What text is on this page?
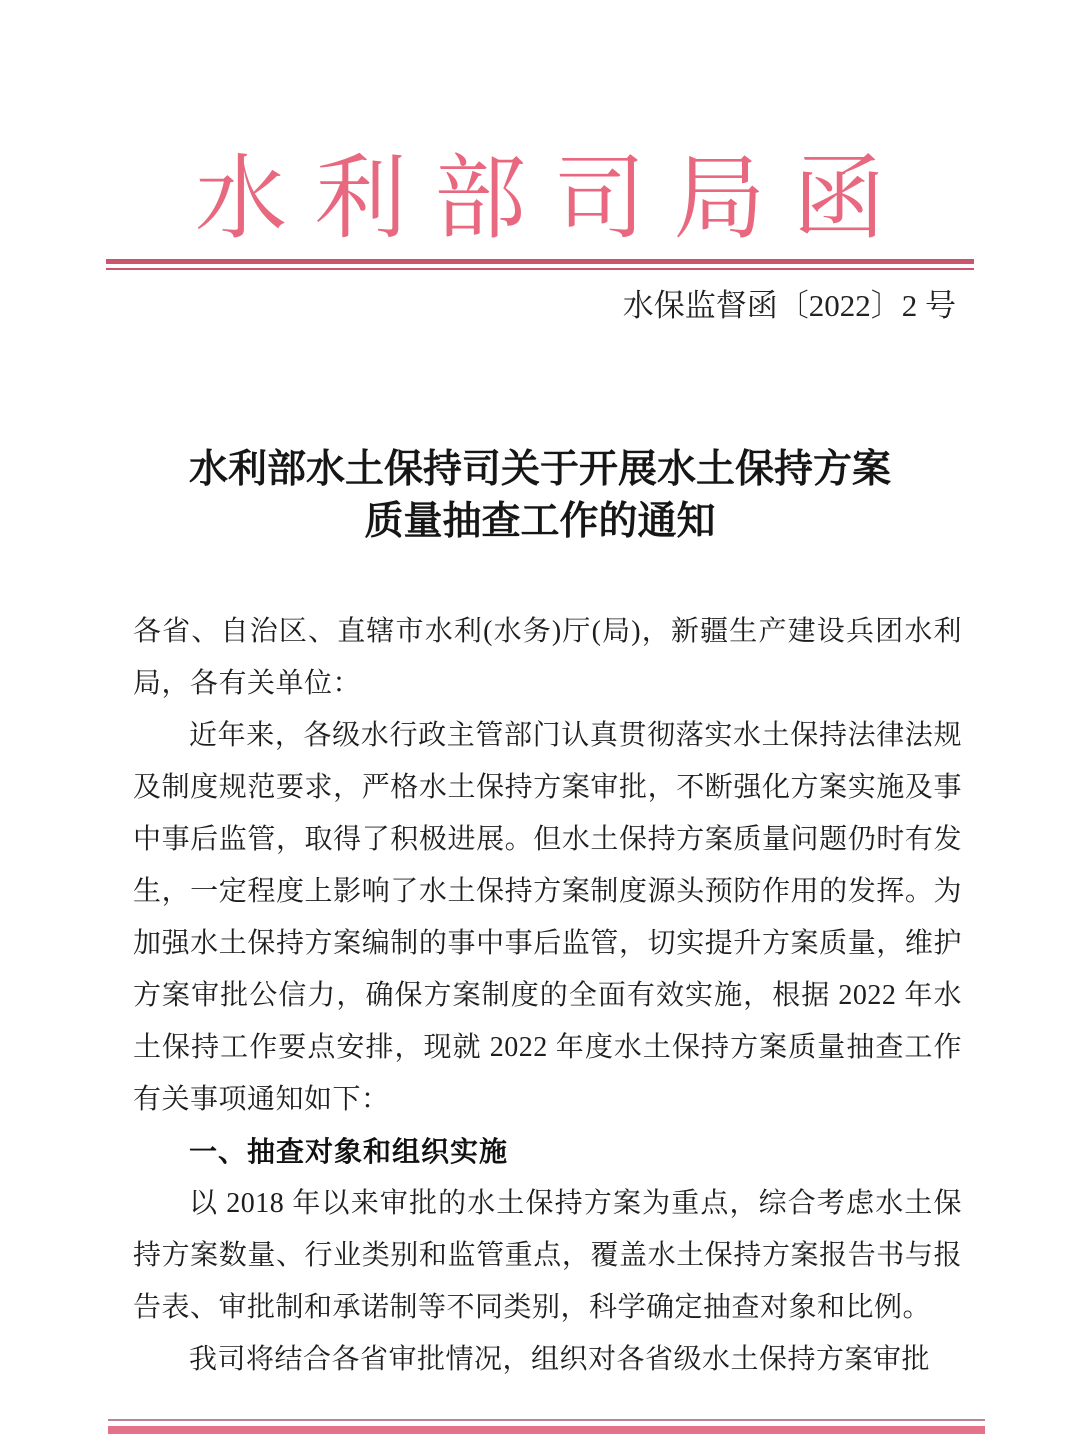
水利部司局函
水保监督函〔2022〕2 号
水利部水土保持司关于开展水土保持方案
质量抽查工作的通知

各省、自治区、直辖市水利(水务)厅(局)，新疆生产建设兵团水利局，各有关单位：

近年来，各级水行政主管部门认真贯彻落实水土保持法律法规及制度规范要求，严格水土保持方案审批，不断强化方案实施及事中事后监管，取得了积极进展。但水土保持方案质量问题仍时有发生，一定程度上影响了水土保持方案制度源头预防作用的发挥。为加强水土保持方案编制的事中事后监管，切实提升方案质量，维护方案审批公信力，确保方案制度的全面有效实施，根据 2022 年水土保持工作要点安排，现就 2022 年度水土保持方案质量抽查工作有关事项通知如下：

一、抽查对象和组织实施

以 2018 年以来审批的水土保持方案为重点，综合考虑水土保持方案数量、行业类别和监管重点，覆盖水土保持方案报告书与报告表、审批制和承诺制等不同类别，科学确定抽查对象和比例。

我司将结合各省审批情况，组织对各省级水土保持方案审批
